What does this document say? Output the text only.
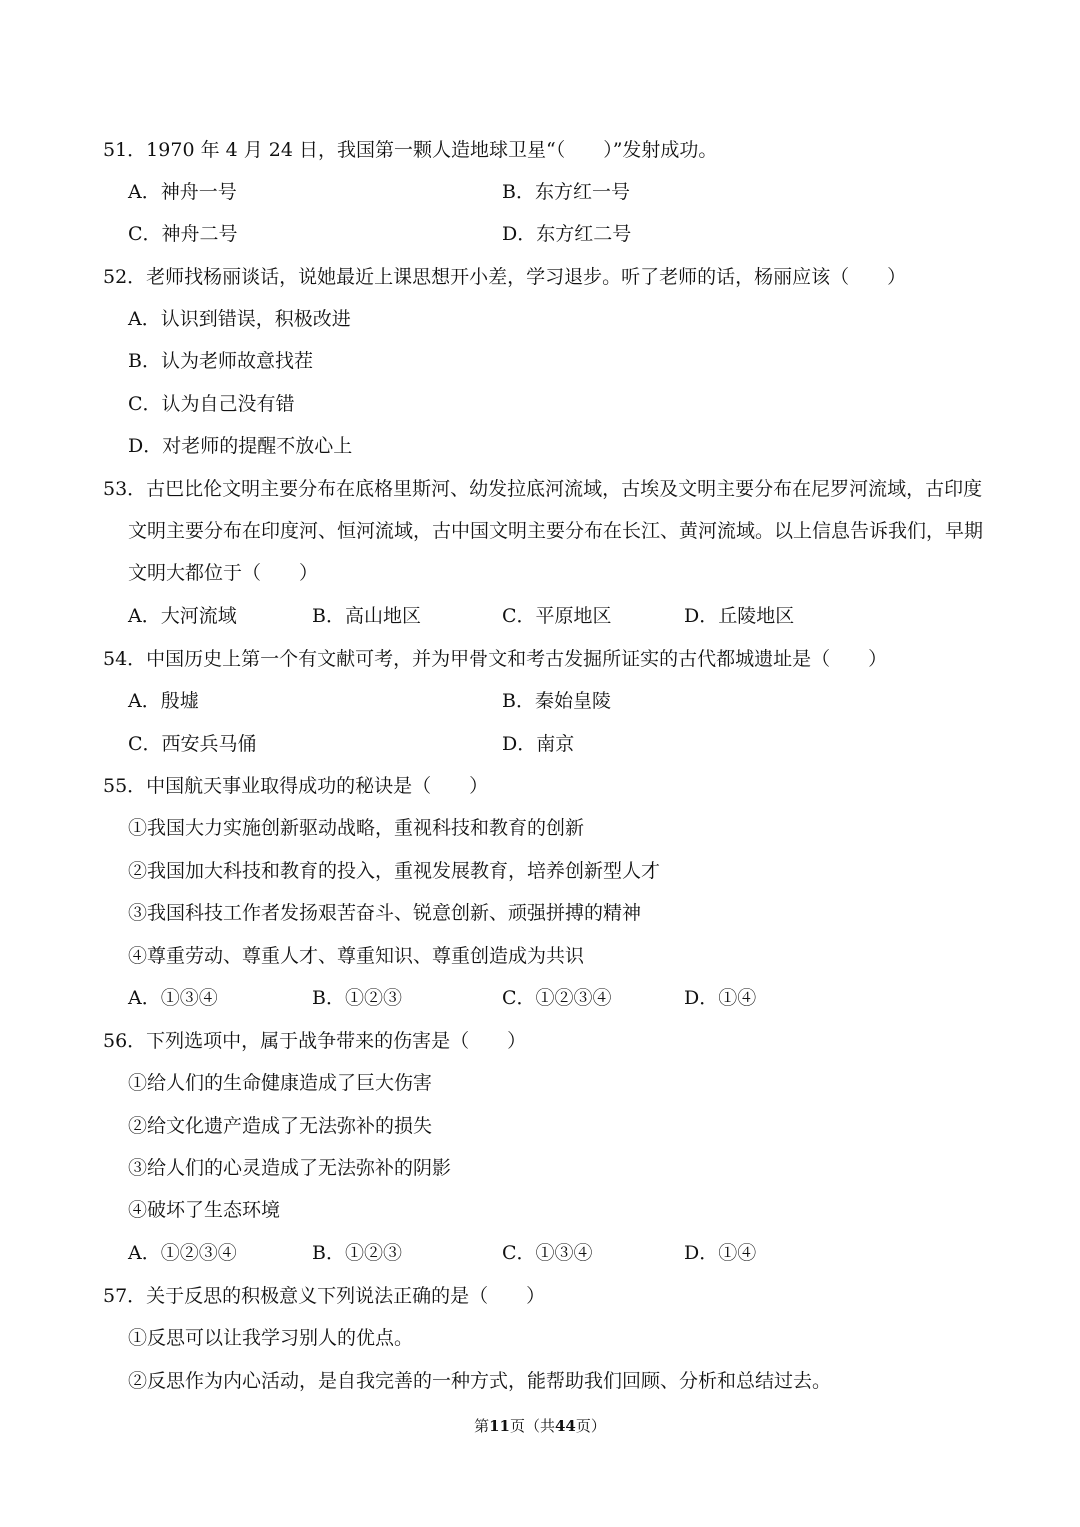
51．1970 年 4 月 24 日，我国第一颗人造地球卫星“（　　）”发射成功。
A．神舟一号	B．东方红一号
C．神舟二号	D．东方红二号
52．老师找杨丽谈话，说她最近上课思想开小差，学习退步。听了老师的话，杨丽应该（　　）
A．认识到错误，积极改进
B．认为老师故意找茬
C．认为自己没有错
D．对老师的提醒不放心上
53．古巴比伦文明主要分布在底格里斯河、幼发拉底河流域，古埃及文明主要分布在尼罗河流域，古印度
文明主要分布在印度河、恒河流域，古中国文明主要分布在长江、黄河流域。以上信息告诉我们，早期
文明大都位于（　　）
A．大河流域	B．高山地区	C．平原地区	D．丘陵地区
54．中国历史上第一个有文献可考，并为甲骨文和考古发掘所证实的古代都城遗址是（　　）
A．殷墟	B．秦始皇陵
C．西安兵马俑	D．南京
55．中国航天事业取得成功的秘诀是（　　）
①我国大力实施创新驱动战略，重视科技和教育的创新
②我国加大科技和教育的投入，重视发展教育，培养创新型人才
③我国科技工作者发扬艰苦奋斗、锐意创新、顽强拼搏的精神
④尊重劳动、尊重人才、尊重知识、尊重创造成为共识
A．①③④	B．①②③	C．①②③④	D．①④
56．下列选项中，属于战争带来的伤害是（　　）
①给人们的生命健康造成了巨大伤害
②给文化遗产造成了无法弥补的损失
③给人们的心灵造成了无法弥补的阴影
④破坏了生态环境
A．①②③④	B．①②③	C．①③④	D．①④
57．关于反思的积极意义下列说法正确的是（　　）
①反思可以让我学习别人的优点。
②反思作为内心活动，是自我完善的一种方式，能帮助我们回顾、分析和总结过去。
第11页（共44页）
